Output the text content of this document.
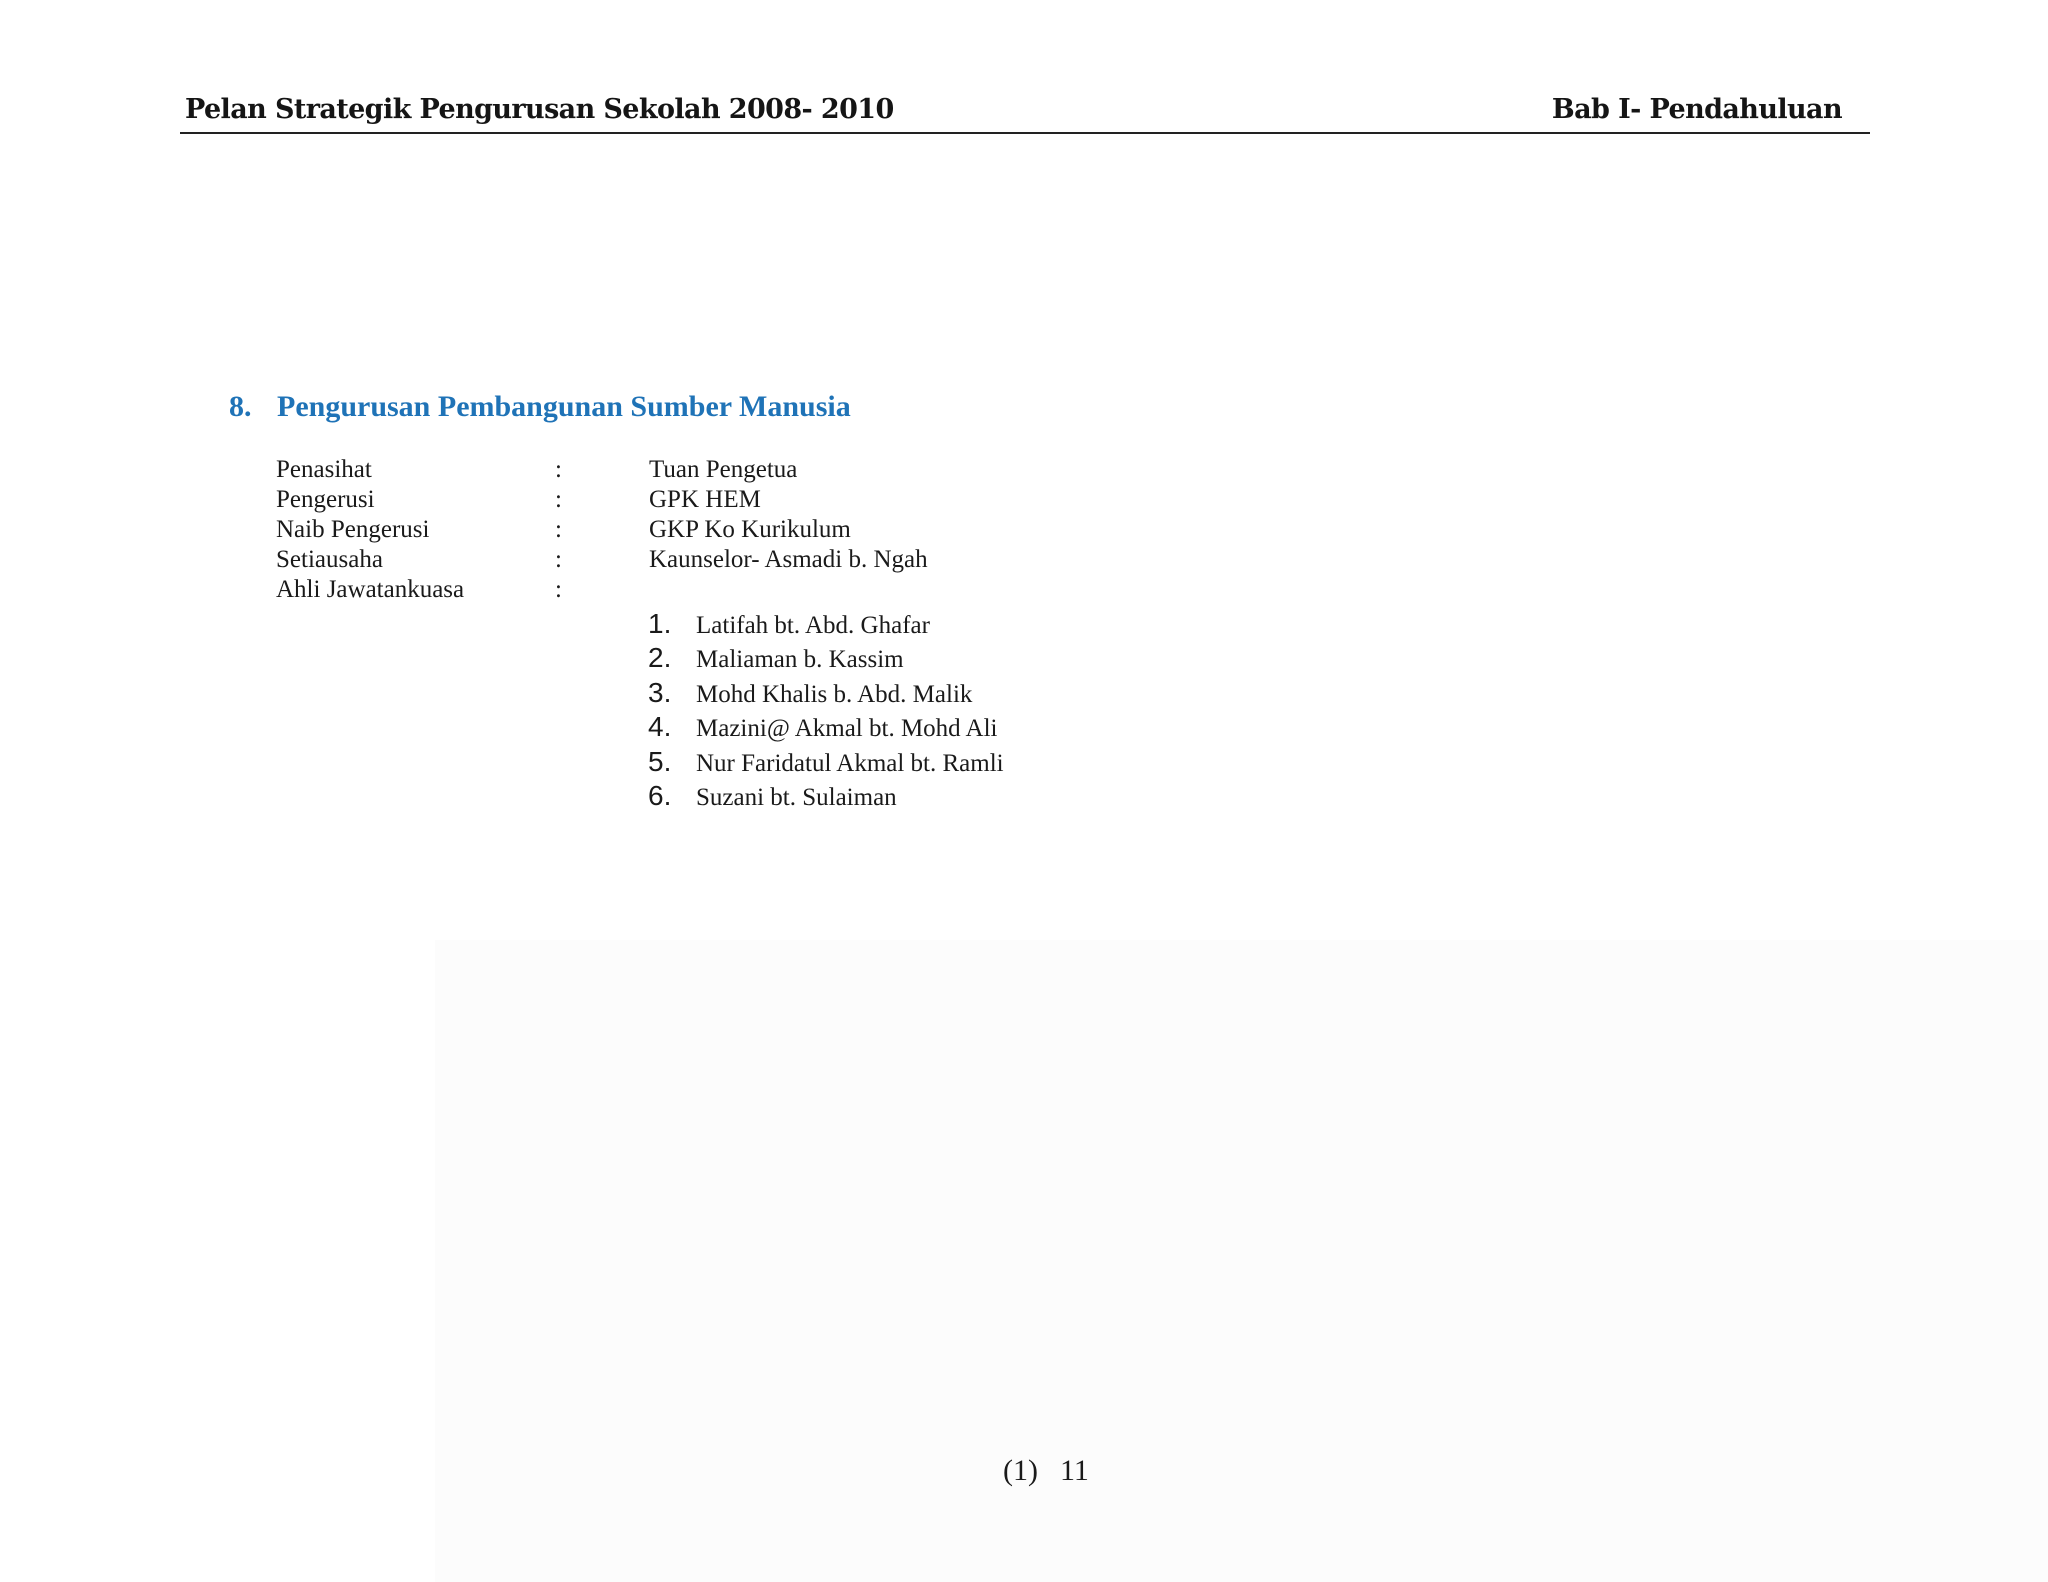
Pelan Strategik Pengurusan Sekolah 2008- 2010	Bab I- Pendahuluan
8. Pengurusan Pembangunan Sumber Manusia
Penasihat	:	Tuan Pengetua
Pengerusi	:	GPK HEM
Naib Pengerusi	:	GKP Ko Kurikulum
Setiausaha	:	Kaunselor- Asmadi b. Ngah
Ahli Jawatankuasa	:
1. Latifah bt. Abd. Ghafar
2. Maliaman b. Kassim
3. Mohd Khalis b. Abd. Malik
4. Mazini@ Akmal bt. Mohd Ali
5. Nur Faridatul Akmal bt. Ramli
6. Suzani bt. Sulaiman
(1) 11
